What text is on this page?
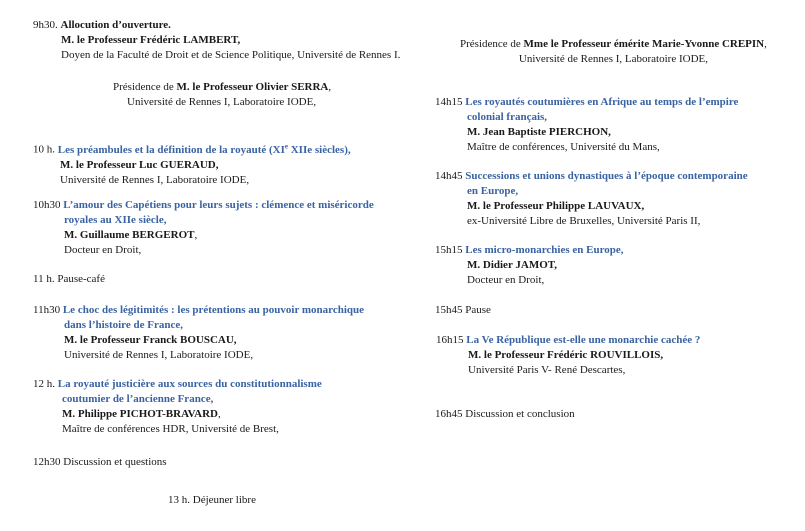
9h30. Allocution d’ouverture.
M. le Professeur Frédéric LAMBERT,
Doyen de la Faculté de Droit et de Science Politique, Université de Rennes I.
Présidence de M. le Professeur Olivier SERRA,
Université de Rennes I, Laboratoire IODE,
10 h. Les préambules et la définition de la royauté (XIe XIIe siècles),
M. le Professeur Luc GUERAUD,
Université de Rennes I, Laboratoire IODE,
10h30 L’amour des Capétiens pour leurs sujets : clémence et miséricorde
royales au XIIe siècle,
M. Guillaume BERGEROT,
Docteur en Droit,
11 h. Pause-café
11h30 Le choc des légitimités : les prétentions au pouvoir monarchique
dans l’histoire de France,
M. le Professeur Franck BOUSCAU,
Université de Rennes I, Laboratoire IODE,
12 h. La royauté justicière aux sources du constitutionnalisme
coutumier de l’ancienne France,
M. Philippe PICHOT-BRAVARD,
Maître de conférences HDR, Université de Brest,
12h30 Discussion et questions
13 h. Déjeuner libre
Présidence de Mme le Professeur émérite Marie-Yvonne CREPIN,
Université de Rennes I, Laboratoire IODE,
14h15 Les royautés coutumières en Afrique au temps de l’empire
colonial français,
M. Jean Baptiste PIERCHON,
Maître de conférences, Université du Mans,
14h45 Successions et unions dynastiques à l’époque contemporaine
en Europe,
M. le Professeur Philippe LAUVAUX,
ex-Université Libre de Bruxelles, Université Paris II,
15h15 Les micro-monarchies en Europe,
M. Didier JAMOT,
Docteur en Droit,
15h45 Pause
16h15 La Ve République est-elle une monarchie cachée ?
M. le Professeur Frédéric ROUVILLOIS,
Université Paris V- René Descartes,
16h45 Discussion et conclusion
